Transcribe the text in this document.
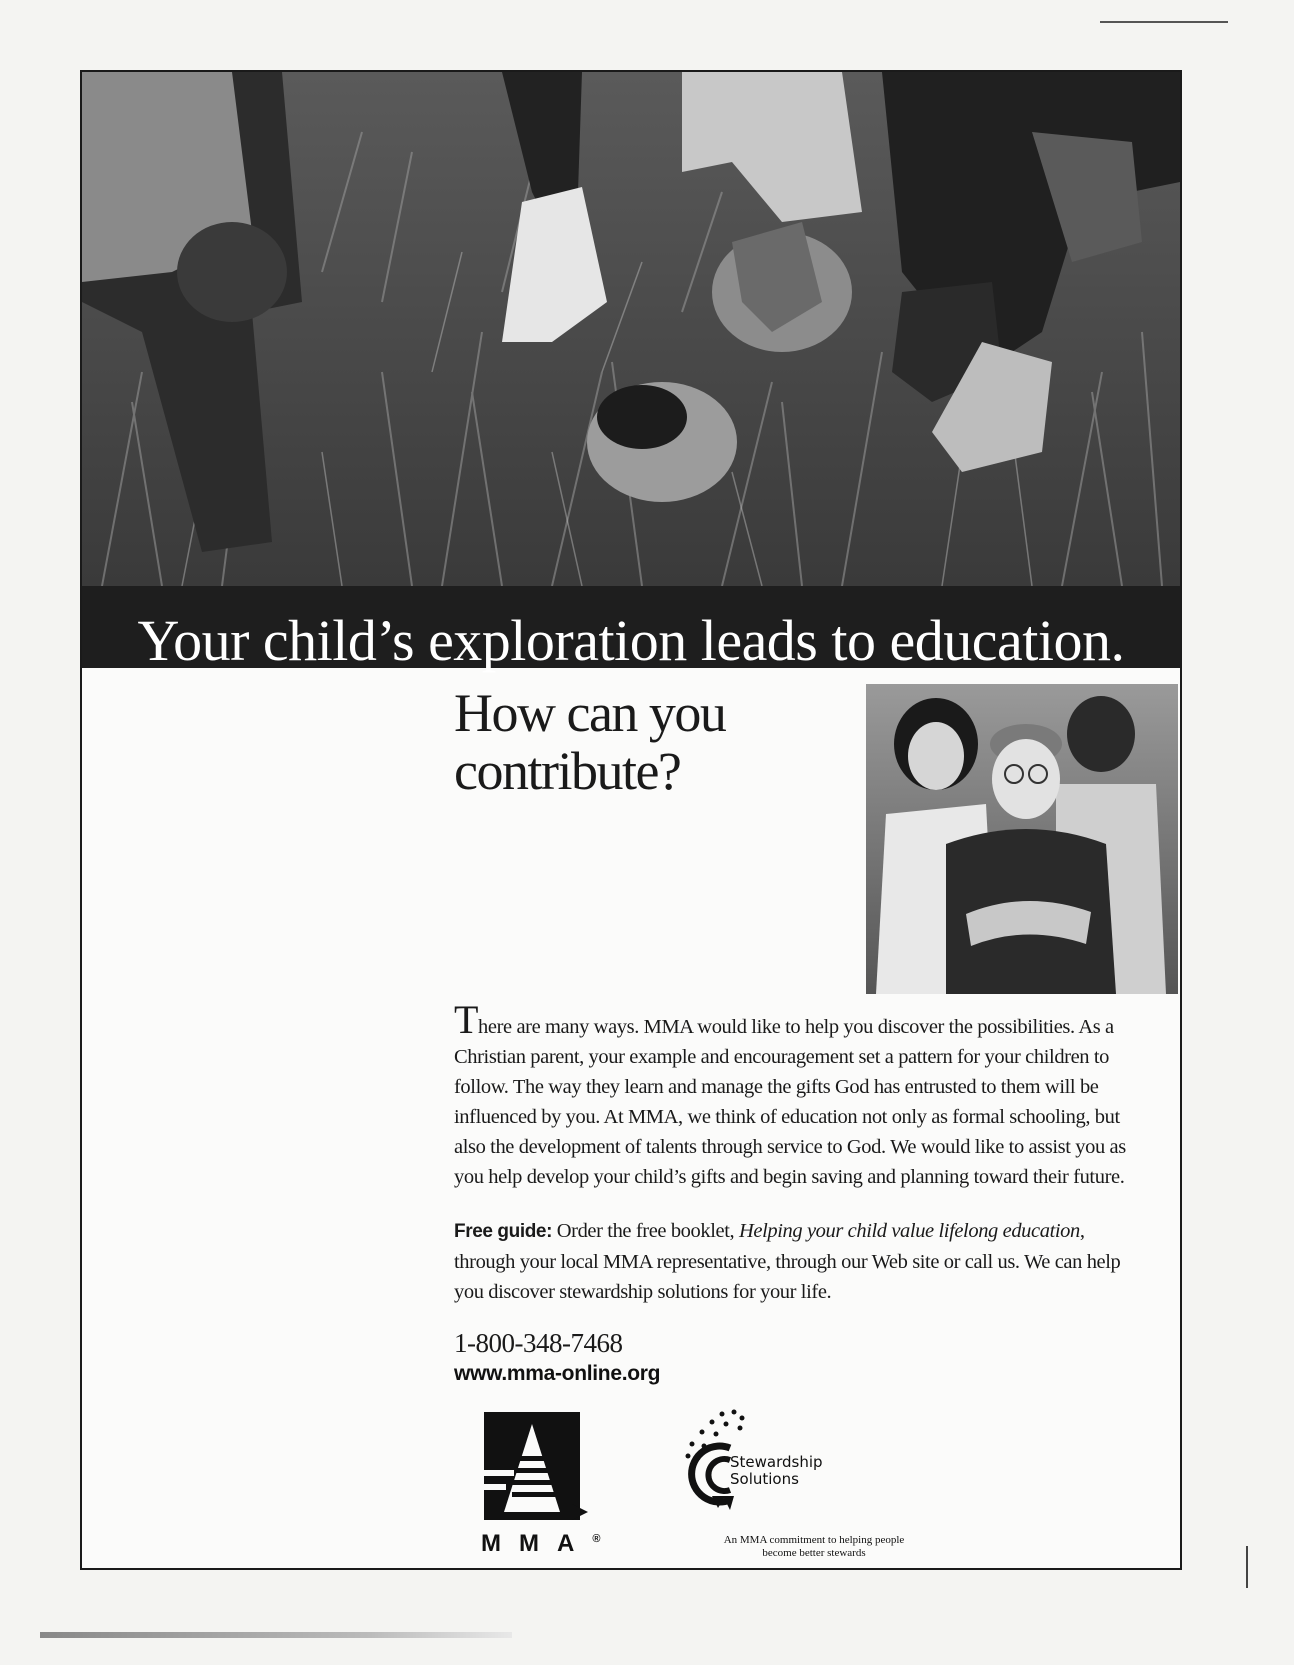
Your child’s exploration leads to education.
How can you
contribute?
There are many ways. MMA would like to help you discover the possibilities. As a Christian parent, your example and encouragement set a pattern for your children to follow. The way they learn and manage the gifts God has entrusted to them will be influenced by you. At MMA, we think of education not only as formal schooling, but also the development of talents through service to God. We would like to assist you as you help develop your child’s gifts and begin saving and planning toward their future.
Free guide: Order the free booklet, Helping your child value lifelong education, through your local MMA representative, through our Web site or call us. We can help you discover stewardship solutions for your life.
1-800-348-7468
www.mma-online.org
MMA®
Stewardship
Solutions
An MMA commitment to helping people become better stewards
